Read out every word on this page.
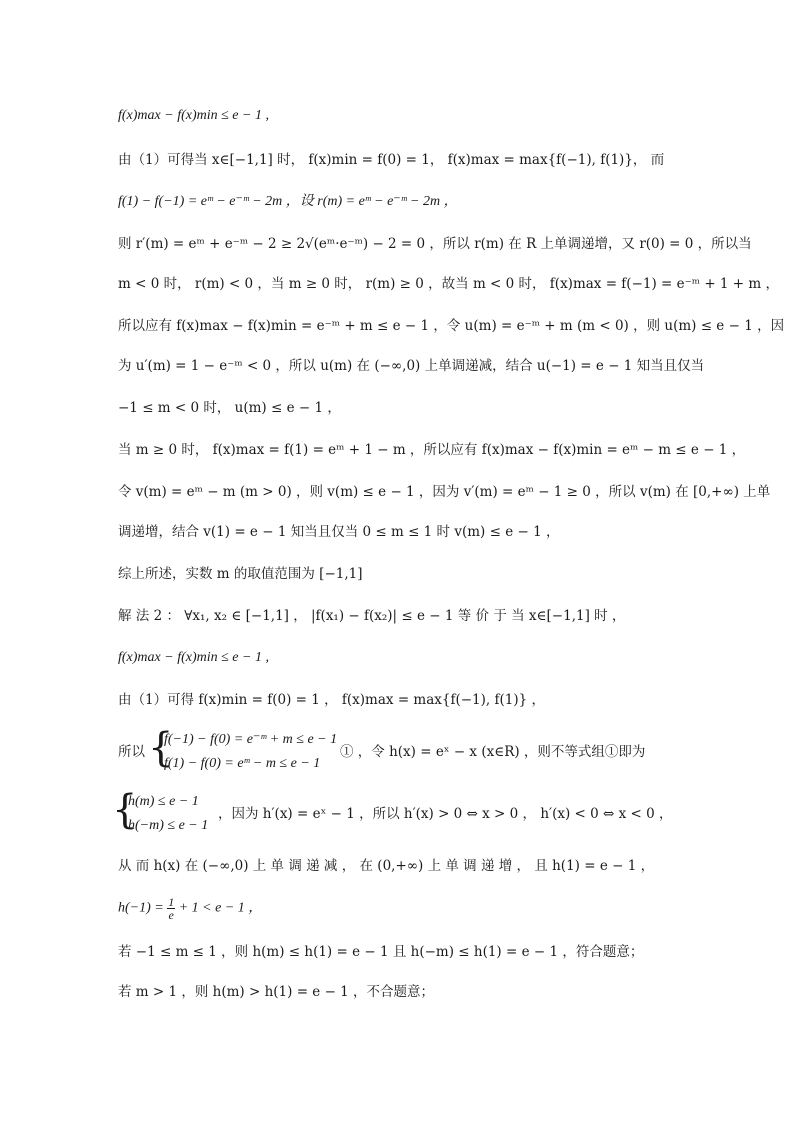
f(x)max − f(x)min ≤ e − 1 ,
由（1）可得当 x∈[−1,1] 时， f(x)min = f(0) = 1， f(x)max = max{f(−1), f(1)}， 而
f(1) − f(−1) = eᵐ − e⁻ᵐ − 2m ，设 r(m) = eᵐ − e⁻ᵐ − 2m ，
则 r′(m) = eᵐ + e⁻ᵐ − 2 ≥ 2√(eᵐ·e⁻ᵐ) − 2 = 0 ，所以 r(m) 在 R 上单调递增，又 r(0) = 0 ，所以当
m < 0 时， r(m) < 0 ，当 m ≥ 0 时， r(m) ≥ 0 ，故当 m < 0 时， f(x)max = f(−1) = e⁻ᵐ + 1 + m ，
所以应有 f(x)max − f(x)min = e⁻ᵐ + m ≤ e − 1 ，令 u(m) = e⁻ᵐ + m (m < 0) ，则 u(m) ≤ e − 1 ，因
为 u′(m) = 1 − e⁻ᵐ < 0 ，所以 u(m) 在 (−∞,0) 上单调递减，结合 u(−1) = e − 1 知当且仅当
−1 ≤ m < 0 时， u(m) ≤ e − 1 ，
当 m ≥ 0 时， f(x)max = f(1) = eᵐ + 1 − m ，所以应有 f(x)max − f(x)min = eᵐ − m ≤ e − 1 ，
令 v(m) = eᵐ − m (m > 0) ，则 v(m) ≤ e − 1 ，因为 v′(m) = eᵐ − 1 ≥ 0 ，所以 v(m) 在 [0,+∞) 上单
调递增，结合 v(1) = e − 1 知当且仅当 0 ≤ m ≤ 1 时 v(m) ≤ e − 1 ，
综上所述，实数 m 的取值范围为 [−1,1]
解 法 2 ： ∀x₁, x₂ ∈ [−1,1] ， |f(x₁) − f(x₂)| ≤ e − 1 等 价 于 当 x∈[−1,1] 时 ，
f(x)max − f(x)min ≤ e − 1 ,
由（1）可得 f(x)min = f(0) = 1 ， f(x)max = max{f(−1), f(1)} ，
所以 {
f(−1) − f(0) = e⁻ᵐ + m ≤ e − 1
f(1) − f(0) = eᵐ − m ≤ e − 1
① ，令 h(x) = eˣ − x (x∈R) ，则不等式组①即为
{
h(m) ≤ e − 1
h(−m) ≤ e − 1
，因为 h′(x) = eˣ − 1 ，所以 h′(x) > 0 ⇔ x > 0 ， h′(x) < 0 ⇔ x < 0 ，
从 而 h(x) 在 (−∞,0) 上 单 调 递 减 ， 在 (0,+∞) 上 单 调 递 增 ， 且 h(1) = e − 1 ，
$h(-1) = \frac{1}{e} + 1 < e - 1$ ，
若 −1 ≤ m ≤ 1 ，则 h(m) ≤ h(1) = e − 1 且 h(−m) ≤ h(1) = e − 1 ，符合题意；
若 m > 1 ，则 h(m) > h(1) = e − 1 ，不合题意；
